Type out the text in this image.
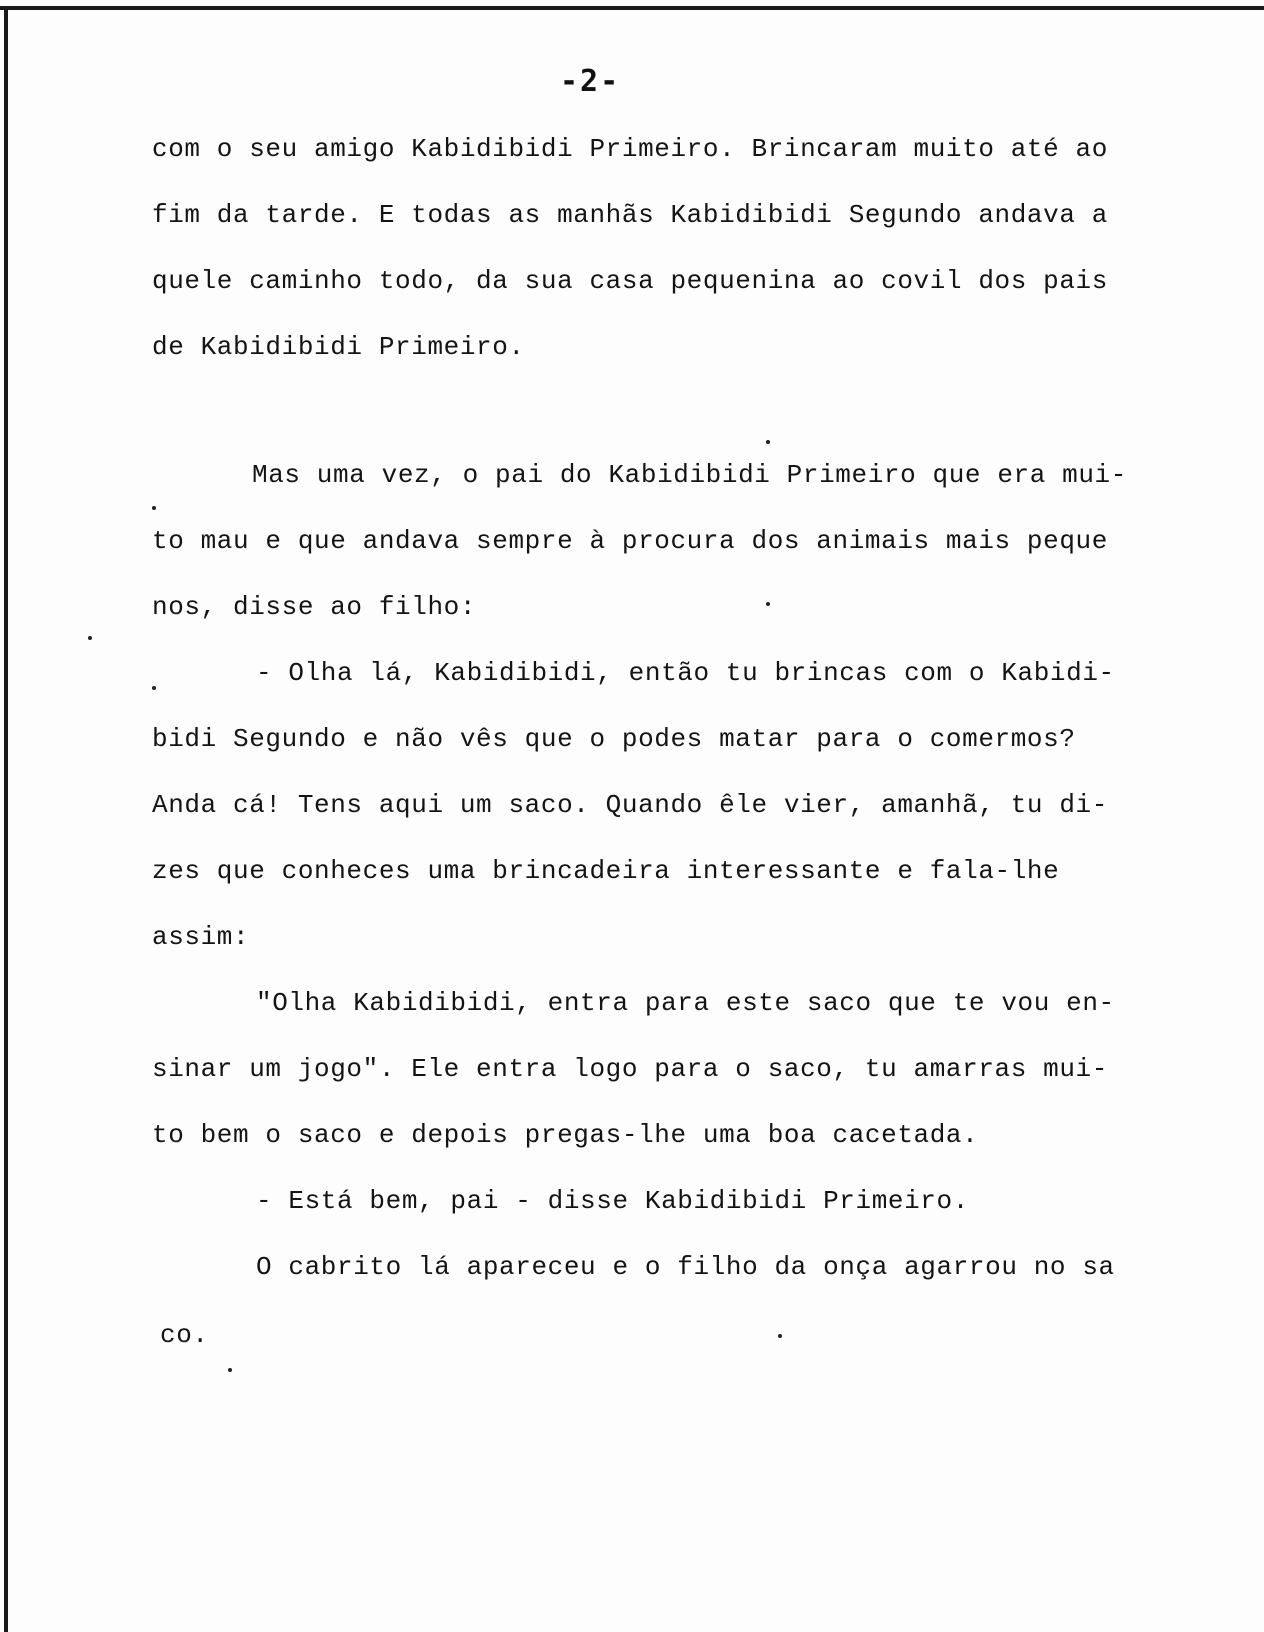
-2-
com o seu amigo Kabidibidi Primeiro. Brincaram muito até ao
fim da tarde. E todas as manhãs Kabidibidi Segundo andava a
quele caminho todo, da sua casa pequenina ao covil dos pais
de Kabidibidi Primeiro.
Mas uma vez, o pai do Kabidibidi Primeiro que era mui-
to mau e que andava sempre à procura dos animais mais peque
nos, disse ao filho:
- Olha lá, Kabidibidi, então tu brincas com o Kabidi-
bidi Segundo e não vês que o podes matar para o comermos?
Anda cá! Tens aqui um saco. Quando êle vier, amanhã, tu di-
zes que conheces uma brincadeira interessante e fala-lhe
assim:
"Olha Kabidibidi, entra para este saco que te vou en-
sinar um jogo". Ele entra logo para o saco, tu amarras mui-
to bem o saco e depois pregas-lhe uma boa cacetada.
- Está bem, pai - disse Kabidibidi Primeiro.
O cabrito lá apareceu e o filho da onça agarrou no sa
co.
